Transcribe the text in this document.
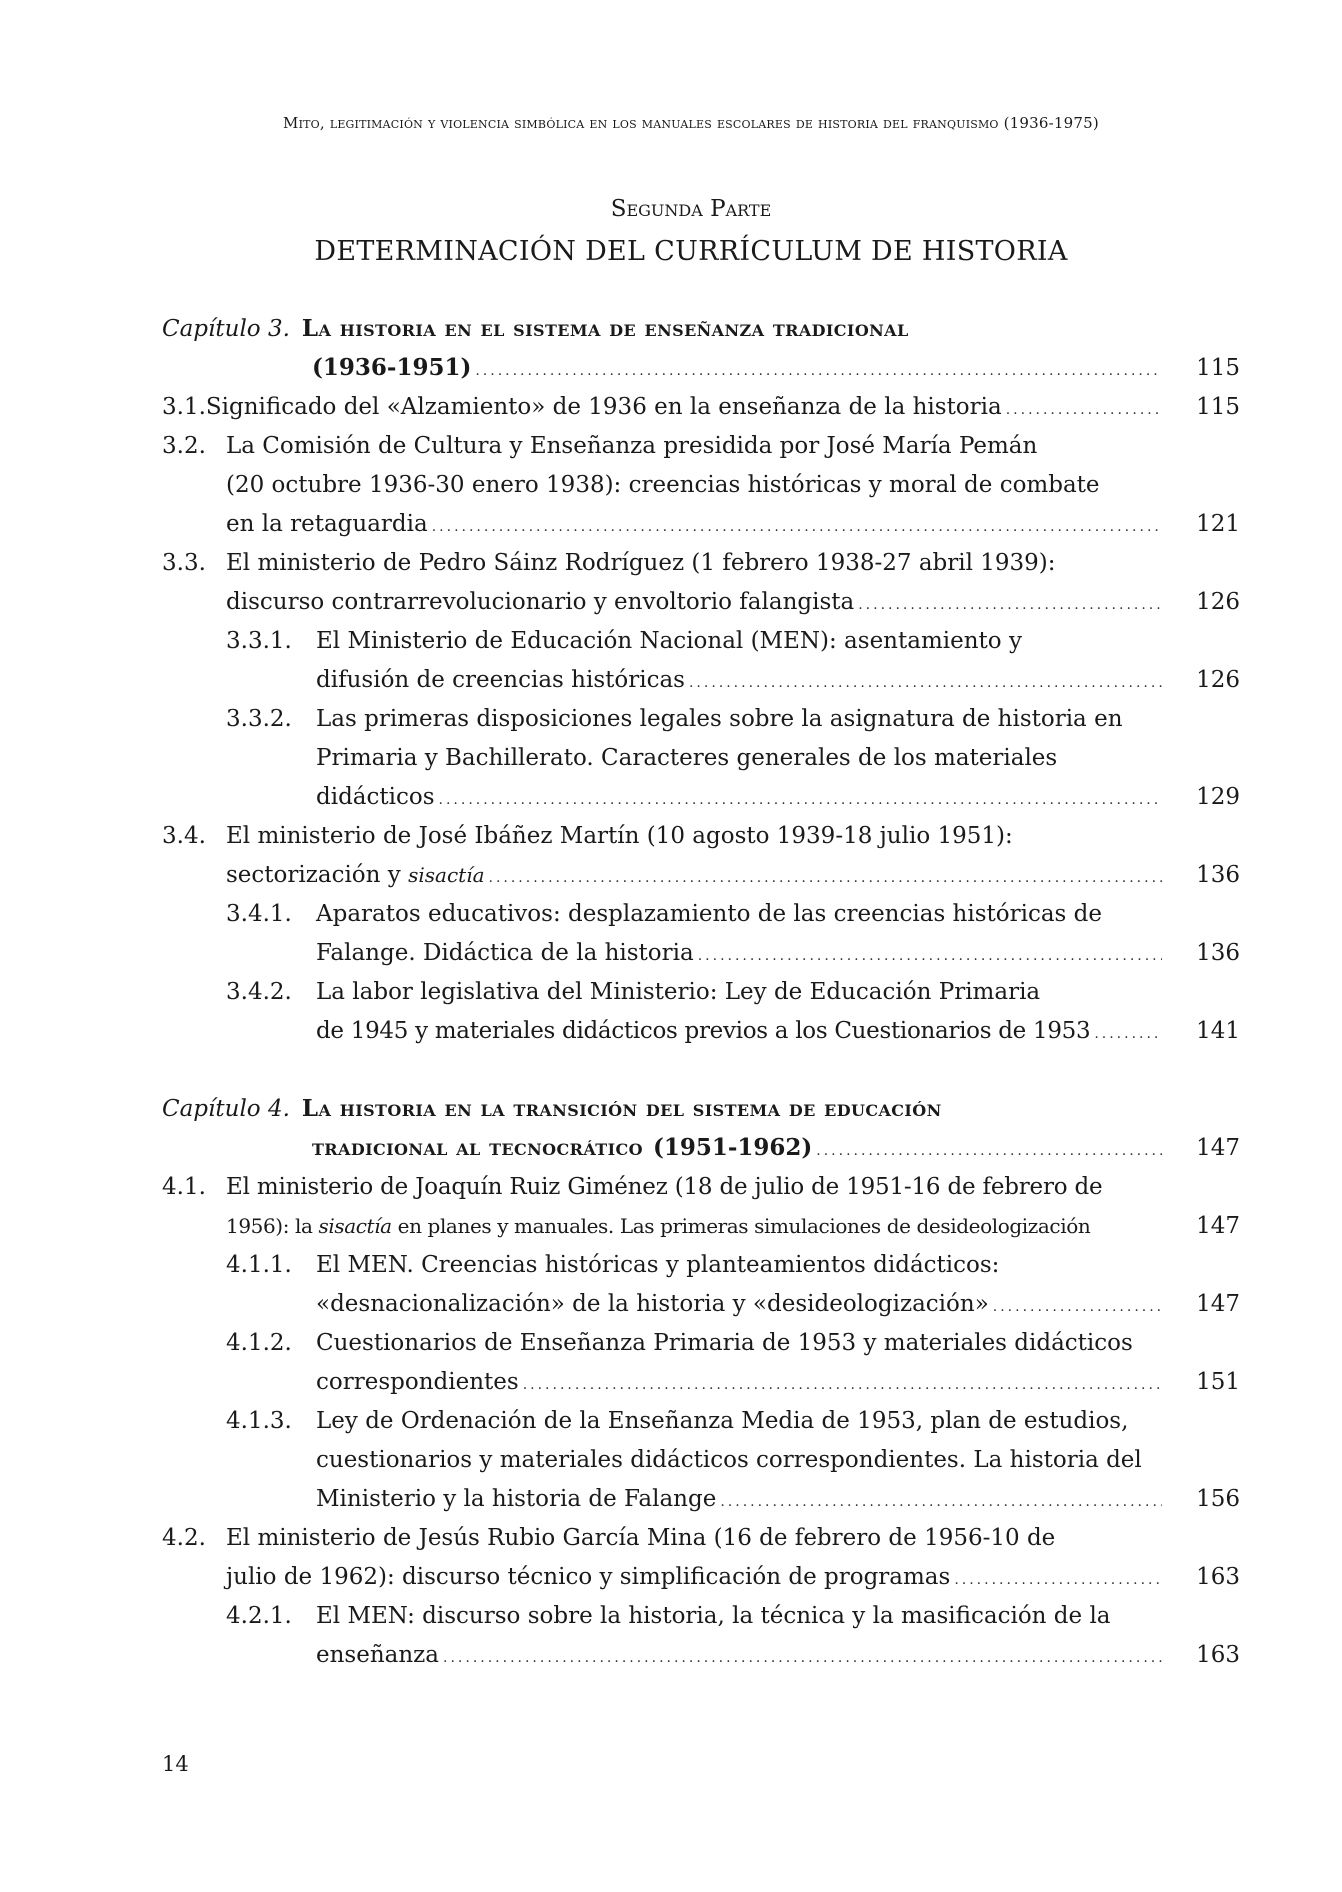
Mito, legitimación y violencia simbólica en los manuales escolares de historia del franquismo (1936-1975)
Segunda Parte
DETERMINACIÓN DEL CURRÍCULUM DE HISTORIA
Capítulo 3. La historia en el sistema de enseñanza tradicional
(1936-1951) .....	115
3.1. Significado del «Alzamiento» de 1936 en la enseñanza de la historia .....	115
3.2. La Comisión de Cultura y Enseñanza presidida por José María Pemán
(20 octubre 1936-30 enero 1938): creencias históricas y moral de combate
en la retaguardia .....	121
3.3. El ministerio de Pedro Sáinz Rodríguez (1 febrero 1938-27 abril 1939):
discurso contrarrevolucionario y envoltorio falangista .....	126
3.3.1.	El Ministerio de Educación Nacional (MEN): asentamiento y
difusión de creencias históricas .....	126
3.3.2.	Las primeras disposiciones legales sobre la asignatura de historia en
Primaria y Bachillerato. Caracteres generales de los materiales
didácticos .....	129
3.4. El ministerio de José Ibáñez Martín (10 agosto 1939-18 julio 1951):
sectorización y sisactía .....	136
3.4.1.	Aparatos educativos: desplazamiento de las creencias históricas de
Falange. Didáctica de la historia .....	136
3.4.2.	La labor legislativa del Ministerio: Ley de Educación Primaria
de 1945 y materiales didácticos previos a los Cuestionarios de 1953 .....	141
Capítulo 4. La historia en la transición del sistema de educación
tradicional al tecnocrático (1951-1962) .....	147
4.1. El ministerio de Joaquín Ruiz Giménez (18 de julio de 1951-16 de febrero de
1956): la sisactía en planes y manuales. Las primeras simulaciones de desideologización	147
4.1.1.	El MEN. Creencias históricas y planteamientos didácticos:
«desnacionalización» de la historia y «desideologización» .....	147
4.1.2.	Cuestionarios de Enseñanza Primaria de 1953 y materiales didácticos
correspondientes .....	151
4.1.3.	Ley de Ordenación de la Enseñanza Media de 1953, plan de estudios,
cuestionarios y materiales didácticos correspondientes. La historia del
Ministerio y la historia de Falange .....	156
4.2. El ministerio de Jesús Rubio García Mina (16 de febrero de 1956-10 de
julio de 1962): discurso técnico y simplificación de programas .....	163
4.2.1.	El MEN: discurso sobre la historia, la técnica y la masificación de la
enseñanza .....	163
14
